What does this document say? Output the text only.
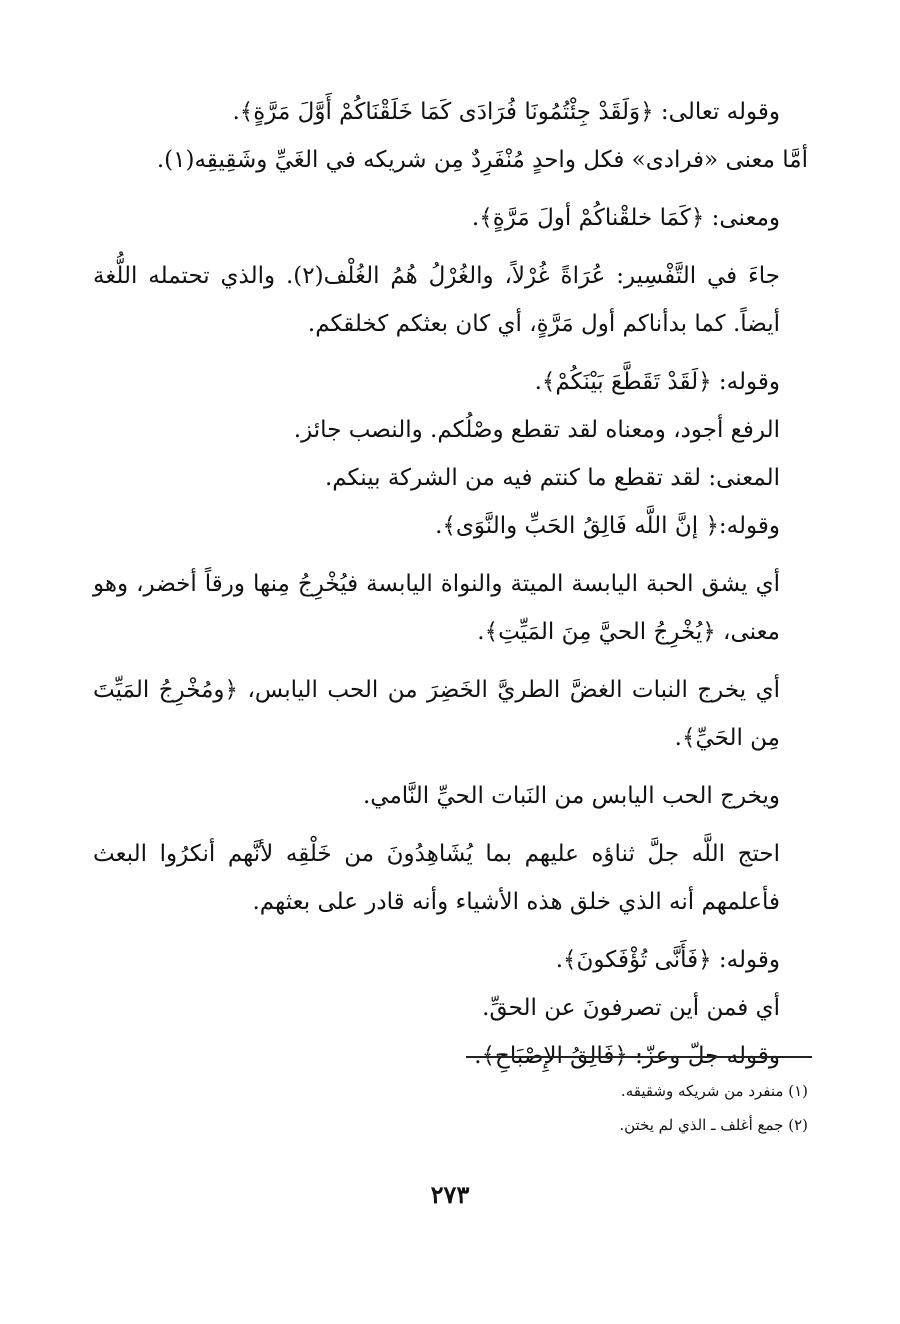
وقوله تعالى: ﴿وَلَقَدْ جِئْتُمُونَا فُرَادَى كَمَا خَلَقْنَاكُمْ أَوَّلَ مَرَّةٍ﴾.

أمَّا معنى «فرادى» فكل واحدٍ مُنْفَرِدٌ مِن شريكه في الغَيِّ وشَقِيقِه(١).

ومعنى: ﴿كَمَا خلقْناكُمْ أولَ مَرَّةٍ﴾.

جاءَ في التَّفْسِير: عُرَاةً غُرْلاً، والغُرْلُ هُمُ الغُلْف(٢). والذي تحتمله اللُّغة أيضاً. كما بدأناكم أول مَرَّةٍ، أي كان بعثكم كخلقكم.

وقوله: ﴿لَقَدْ تَقَطَّعَ بَيْنَكُمْ﴾.

الرفع أجود، ومعناه لقد تقطع وصْلُكم. والنصب جائز.

المعنى: لقد تقطع ما كنتم فيه من الشركة بينكم.

وقوله:﴿ إنَّ اللَّه فَالِقُ الحَبِّ والنَّوَى﴾.

أي يشق الحبة اليابسة الميتة والنواة اليابسة فيُخْرِجُ مِنها ورقاً أخضر، وهو معنى، ﴿يُخْرِجُ الحيَّ مِنَ المَيِّتِ﴾.

أي يخرج النبات الغضَّ الطريَّ الخَضِرَ من الحب اليابس، ﴿ومُخْرِجُ المَيِّتَ مِن الحَيِّ﴾.

ويخرج الحب اليابس من النَبات الحيِّ النَّامي.

احتج اللَّه جلَّ ثناؤه عليهم بما يُشَاهِدُونَ من خَلْقِه لأنَّهم أنكرُوا البعث فأعلمهم أنه الذي خلق هذه الأشياء وأنه قادر على بعثهم.

وقوله: ﴿فَأَنَّى تُؤْفَكونَ﴾.

أي فمن أين تصرفونَ عن الحقِّ.

وقوله جلّ وعزّ: ﴿فَالِقُ الإِصْبَاحِ﴾.

(١) منفرد من شريكه وشقيقه.
(٢) جمع أغلف ـ الذي لم يختن.
٢٧٣
